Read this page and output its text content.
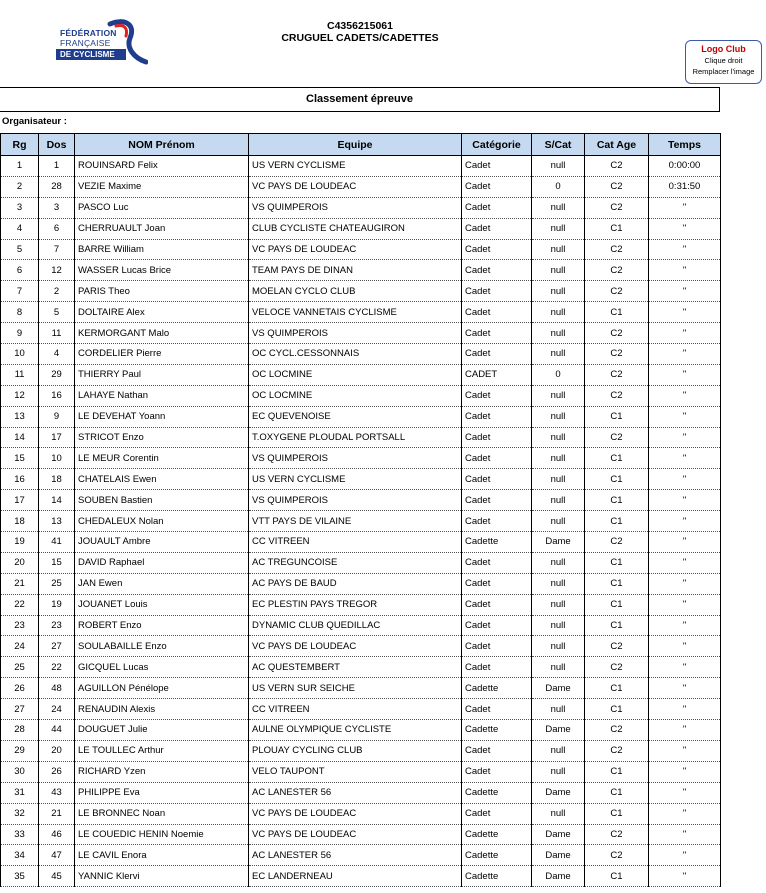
FÉDÉRATION
FRANÇAISE
DE CYCLISME
C4356215061
CRUGUEL CADETS/CADETTES
Logo Club
Clique droit
Remplacer l'image
Classement épreuve
Organisateur :
Rg	Dos	NOM Prénom	Equipe	Catégorie	S/Cat	Cat Age	Temps
1	1	ROUINSARD Felix	US VERN CYCLISME	Cadet	null	C2	0:00:00
2	28	VEZIE Maxime	VC PAYS DE LOUDEAC	Cadet	0	C2	0:31:50
3	3	PASCO Luc	VS QUIMPEROIS	Cadet	null	C2	"
4	6	CHERRUAULT Joan	CLUB CYCLISTE CHATEAUGIRON	Cadet	null	C1	"
5	7	BARRE William	VC PAYS DE LOUDEAC	Cadet	null	C2	"
6	12	WASSER Lucas Brice	TEAM PAYS DE DINAN	Cadet	null	C2	"
7	2	PARIS Theo	MOELAN CYCLO CLUB	Cadet	null	C2	"
8	5	DOLTAIRE Alex	VELOCE VANNETAIS CYCLISME	Cadet	null	C1	"
9	11	KERMORGANT Malo	VS QUIMPEROIS	Cadet	null	C2	"
10	4	CORDELIER Pierre	OC CYCL.CESSONNAIS	Cadet	null	C2	"
11	29	THIERRY Paul	OC LOCMINE	CADET	0	C2	"
12	16	LAHAYE Nathan	OC LOCMINE	Cadet	null	C2	"
13	9	LE DEVEHAT Yoann	EC QUEVENOISE	Cadet	null	C1	"
14	17	STRICOT Enzo	T.OXYGENE PLOUDAL PORTSALL	Cadet	null	C2	"
15	10	LE MEUR Corentin	VS QUIMPEROIS	Cadet	null	C1	"
16	18	CHATELAIS Ewen	US VERN CYCLISME	Cadet	null	C1	"
17	14	SOUBEN Bastien	VS QUIMPEROIS	Cadet	null	C1	"
18	13	CHEDALEUX Nolan	VTT PAYS DE VILAINE	Cadet	null	C1	"
19	41	JOUAULT Ambre	CC VITREEN	Cadette	Dame	C2	"
20	15	DAVID Raphael	AC TREGUNCOISE	Cadet	null	C1	"
21	25	JAN Ewen	AC PAYS DE BAUD	Cadet	null	C1	"
22	19	JOUANET Louis	EC PLESTIN PAYS TREGOR	Cadet	null	C1	"
23	23	ROBERT Enzo	DYNAMIC CLUB QUEDILLAC	Cadet	null	C1	"
24	27	SOULABAILLE Enzo	VC PAYS DE LOUDEAC	Cadet	null	C2	"
25	22	GICQUEL Lucas	AC QUESTEMBERT	Cadet	null	C2	"
26	48	AGUILLON Pénélope	US VERN SUR SEICHE	Cadette	Dame	C1	"
27	24	RENAUDIN Alexis	CC VITREEN	Cadet	null	C1	"
28	44	DOUGUET Julie	AULNE OLYMPIQUE CYCLISTE	Cadette	Dame	C2	"
29	20	LE TOULLEC Arthur	PLOUAY CYCLING CLUB	Cadet	null	C2	"
30	26	RICHARD Yzen	VELO TAUPONT	Cadet	null	C1	"
31	43	PHILIPPE Eva	AC LANESTER 56	Cadette	Dame	C1	"
32	21	LE BRONNEC Noan	VC PAYS DE LOUDEAC	Cadet	null	C1	"
33	46	LE COUEDIC HENIN Noemie	VC PAYS DE LOUDEAC	Cadette	Dame	C2	"
34	47	LE CAVIL Enora	AC LANESTER 56	Cadette	Dame	C2	"
35	45	YANNIC Klervi	EC LANDERNEAU	Cadette	Dame	C1	"
